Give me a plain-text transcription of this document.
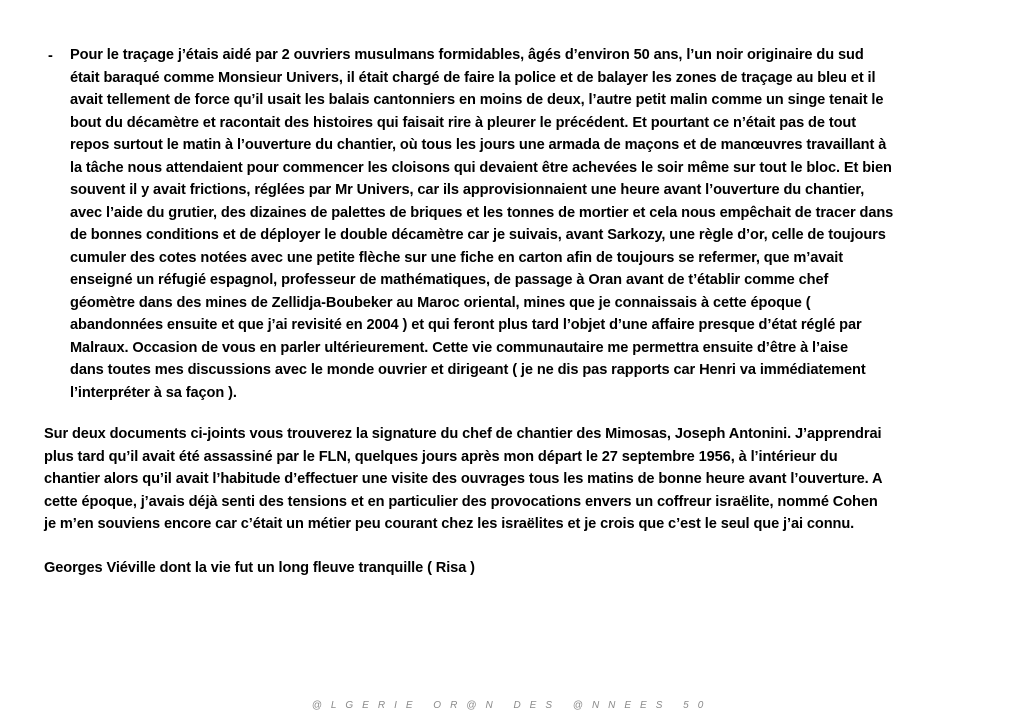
- Pour le traçage j’étais aidé par 2 ouvriers musulmans formidables, âgés d’environ 50 ans, l’un noir originaire du sud
était baraqué comme Monsieur Univers, il était chargé de faire la police et de balayer les zones de traçage au bleu et il
avait tellement de force qu’il usait les balais cantonniers en moins de deux, l’autre petit malin comme un singe tenait le
bout du décamètre et racontait des histoires qui faisait rire à pleurer le précédent. Et pourtant ce n’était pas de tout
repos surtout le matin à l’ouverture du chantier, où tous les jours une armada de maçons et de manœuvres travaillant à
la tâche nous attendaient pour commencer les cloisons qui devaient être achevées le soir même sur tout le bloc. Et bien
souvent il y avait frictions, réglées par Mr Univers, car ils approvisionnaient une heure avant l’ouverture du chantier,
avec l’aide du grutier, des dizaines de palettes de briques et les tonnes de mortier et cela nous empêchait de tracer dans
de bonnes conditions et de déployer le double décamètre car je suivais, avant Sarkozy, une règle d’or, celle de toujours
cumuler des cotes notées avec une petite flèche sur une fiche en carton afin de toujours se refermer, que m’avait
enseigné un réfugié espagnol, professeur de mathématiques, de passage à Oran avant de t’établir comme chef
géomètre dans des mines de Zellidja-Boubeker au Maroc oriental, mines que je connaissais à cette époque (
abandonnées ensuite et que j’ai revisité en 2004 ) et qui feront plus tard l’objet d’une affaire presque d’état réglé par
Malraux. Occasion de vous en parler ultérieurement. Cette vie communautaire me permettra ensuite d’être à l’aise
dans toutes mes discussions avec le monde ouvrier et dirigeant ( je ne dis pas rapports car Henri va immédiatement
l’interpréter à sa façon ).
Sur deux documents ci-joints vous trouverez la signature du chef de chantier des Mimosas, Joseph Antonini. J’apprendrai
plus tard qu’il avait été assassiné par le FLN, quelques jours après mon départ le 27 septembre 1956, à l’intérieur du
chantier alors qu’il avait l’habitude d’effectuer une visite des ouvrages tous les matins de bonne heure avant l’ouverture. A
cette époque, j’avais déjà senti des tensions et en particulier des provocations envers un coffreur israëlite, nommé Cohen
je m’en souviens encore car c’était un métier peu courant chez les israëlites et je crois que c’est le seul que j’ai connu.
Georges Viéville dont la vie fut un long fleuve tranquille ( Risa )
@LGERIE OR@N DES @NNEES 50
